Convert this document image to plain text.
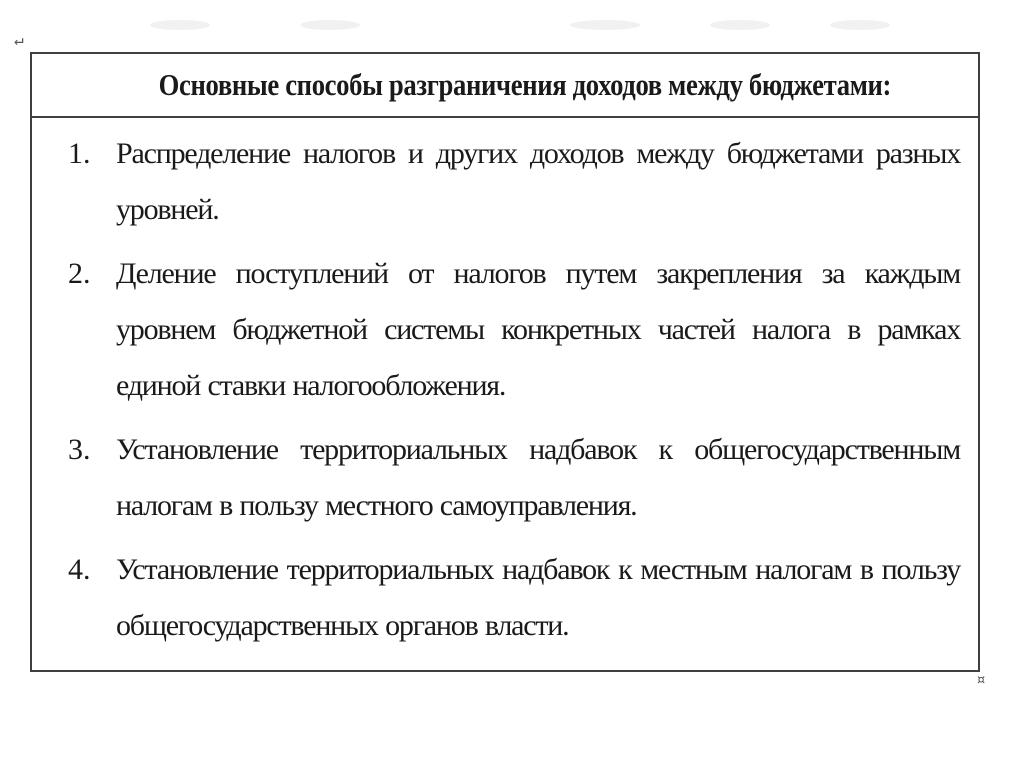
↵
¤
Основные способы разграничения доходов между бюджетами:
1. Распределение налогов и других доходов между бюджетами разных уровней.
2. Деление поступлений от налогов путем закрепления за каждым уровнем бюджетной системы конкретных частей налога в рамках единой ставки налогообложения.
3. Установление территориальных надбавок к общегосударственным налогам в пользу местного самоуправления.
4. Установление территориальных надбавок к местным налогам в пользу общегосударственных органов власти.
